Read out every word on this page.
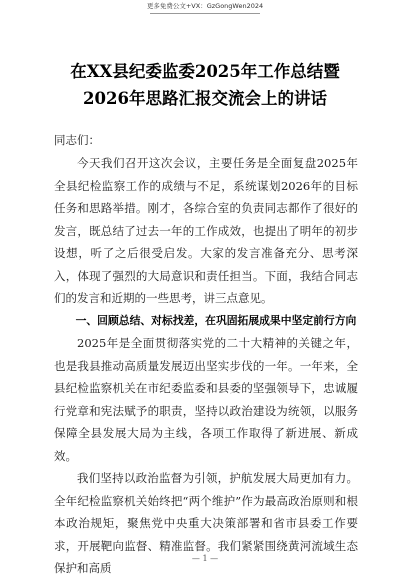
更多免费公文+VX：GzGongWen2024
在XX县纪委监委2025年工作总结暨
2026年思路汇报交流会上的讲话
同志们：

今天我们召开这次会议，主要任务是全面复盘2025年全县纪检监察工作的成绩与不足，系统谋划2026年的目标任务和思路举措。刚才，各综合室的负责同志都作了很好的发言，既总结了过去一年的工作成效，也提出了明年的初步设想，听了之后很受启发。大家的发言准备充分、思考深入，体现了强烈的大局意识和责任担当。下面，我结合同志们的发言和近期的一些思考，讲三点意见。

一、回顾总结、对标找差，在巩固拓展成果中坚定前行方向

2025年是全面贯彻落实党的二十大精神的关键之年，也是我县推动高质量发展迈出坚实步伐的一年。一年来，全县纪检监察机关在市纪委监委和县委的坚强领导下，忠诚履行党章和宪法赋予的职责，坚持以政治建设为统领，以服务保障全县发展大局为主线，各项工作取得了新进展、新成效。

我们坚持以政治监督为引领，护航发展大局更加有力。全年纪检监察机关始终把“两个维护”作为最高政治原则和根本政治规矩，聚焦党中央重大决策部署和省市县委工作要求，开展靶向监督、精准监督。我们紧紧围绕黄河流域生态保护和高质

— 1 —
